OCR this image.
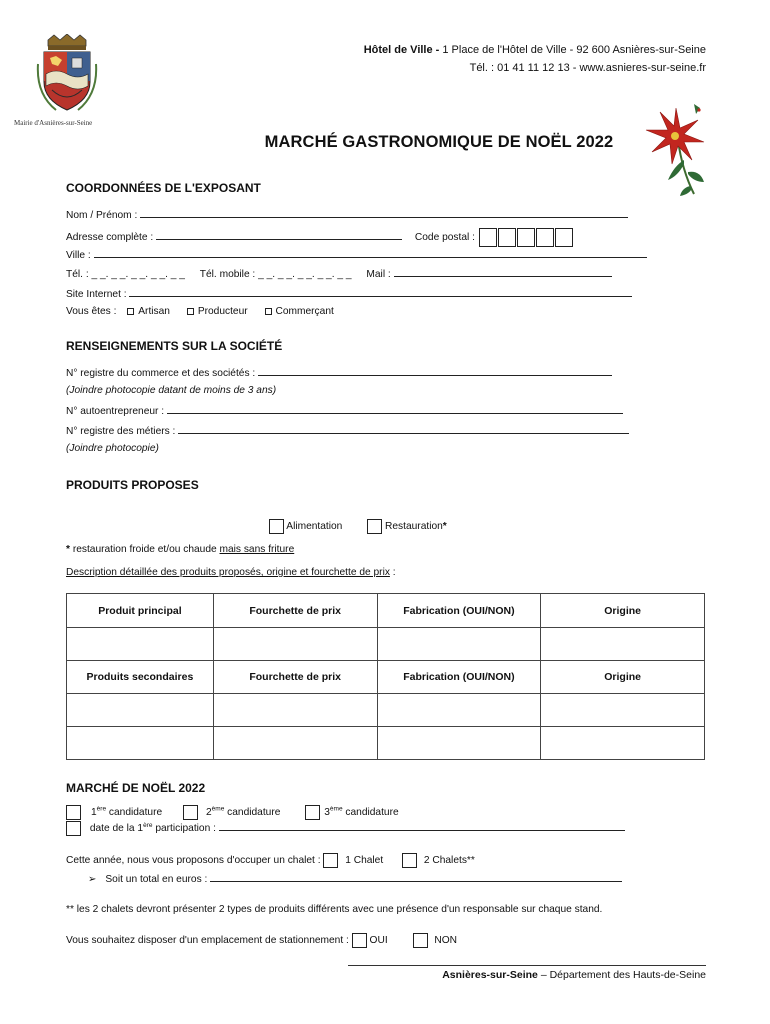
Mairie d'Asnières-sur-Seine
Hôtel de Ville - 1 Place de l'Hôtel de Ville - 92 600 Asnières-sur-Seine
Tél. : 01 41 11 12 13 - www.asnieres-sur-seine.fr
MARCHÉ GASTRONOMIQUE DE NOËL 2022
COORDONNÉES DE L'EXPOSANT
Nom / Prénom :
Adresse complète :	Code postal :
Ville :
Tél. : _ _. _ _. _ _. _ _. _ _ Tél. mobile : _ _. _ _. _ _. _ _. _ _ Mail :
Site Internet :
Vous êtes : Artisan	Producteur	Commerçant
RENSEIGNEMENTS SUR LA SOCIÉTÉ
N° registre du commerce et des sociétés :
(Joindre photocopie datant de moins de 3 ans)
N° autoentrepreneur :
N° registre des métiers :
(Joindre photocopie)
PRODUITS PROPOSES
Alimentation	Restauration*
* restauration froide et/ou chaude mais sans friture
Description détaillée des produits proposés, origine et fourchette de prix :
Produit principal	Fourchette de prix	Fabrication (OUI/NON)	Origine

Produits secondaires	Fourchette de prix	Fabrication (OUI/NON)	Origine

MARCHÉ DE NOËL 2022
1ère candidature	2ème candidature	3ème candidature
date de la 1ère participation :
Cette année, nous vous proposons d'occuper un chalet : 1 Chalet	2 Chalets**
➢ Soit un total en euros :
** les 2 chalets devront présenter 2 types de produits différents avec une présence d'un responsable sur chaque stand.
Vous souhaitez disposer d'un emplacement de stationnement : OUI	NON
Asnières-sur-Seine – Département des Hauts-de-Seine
